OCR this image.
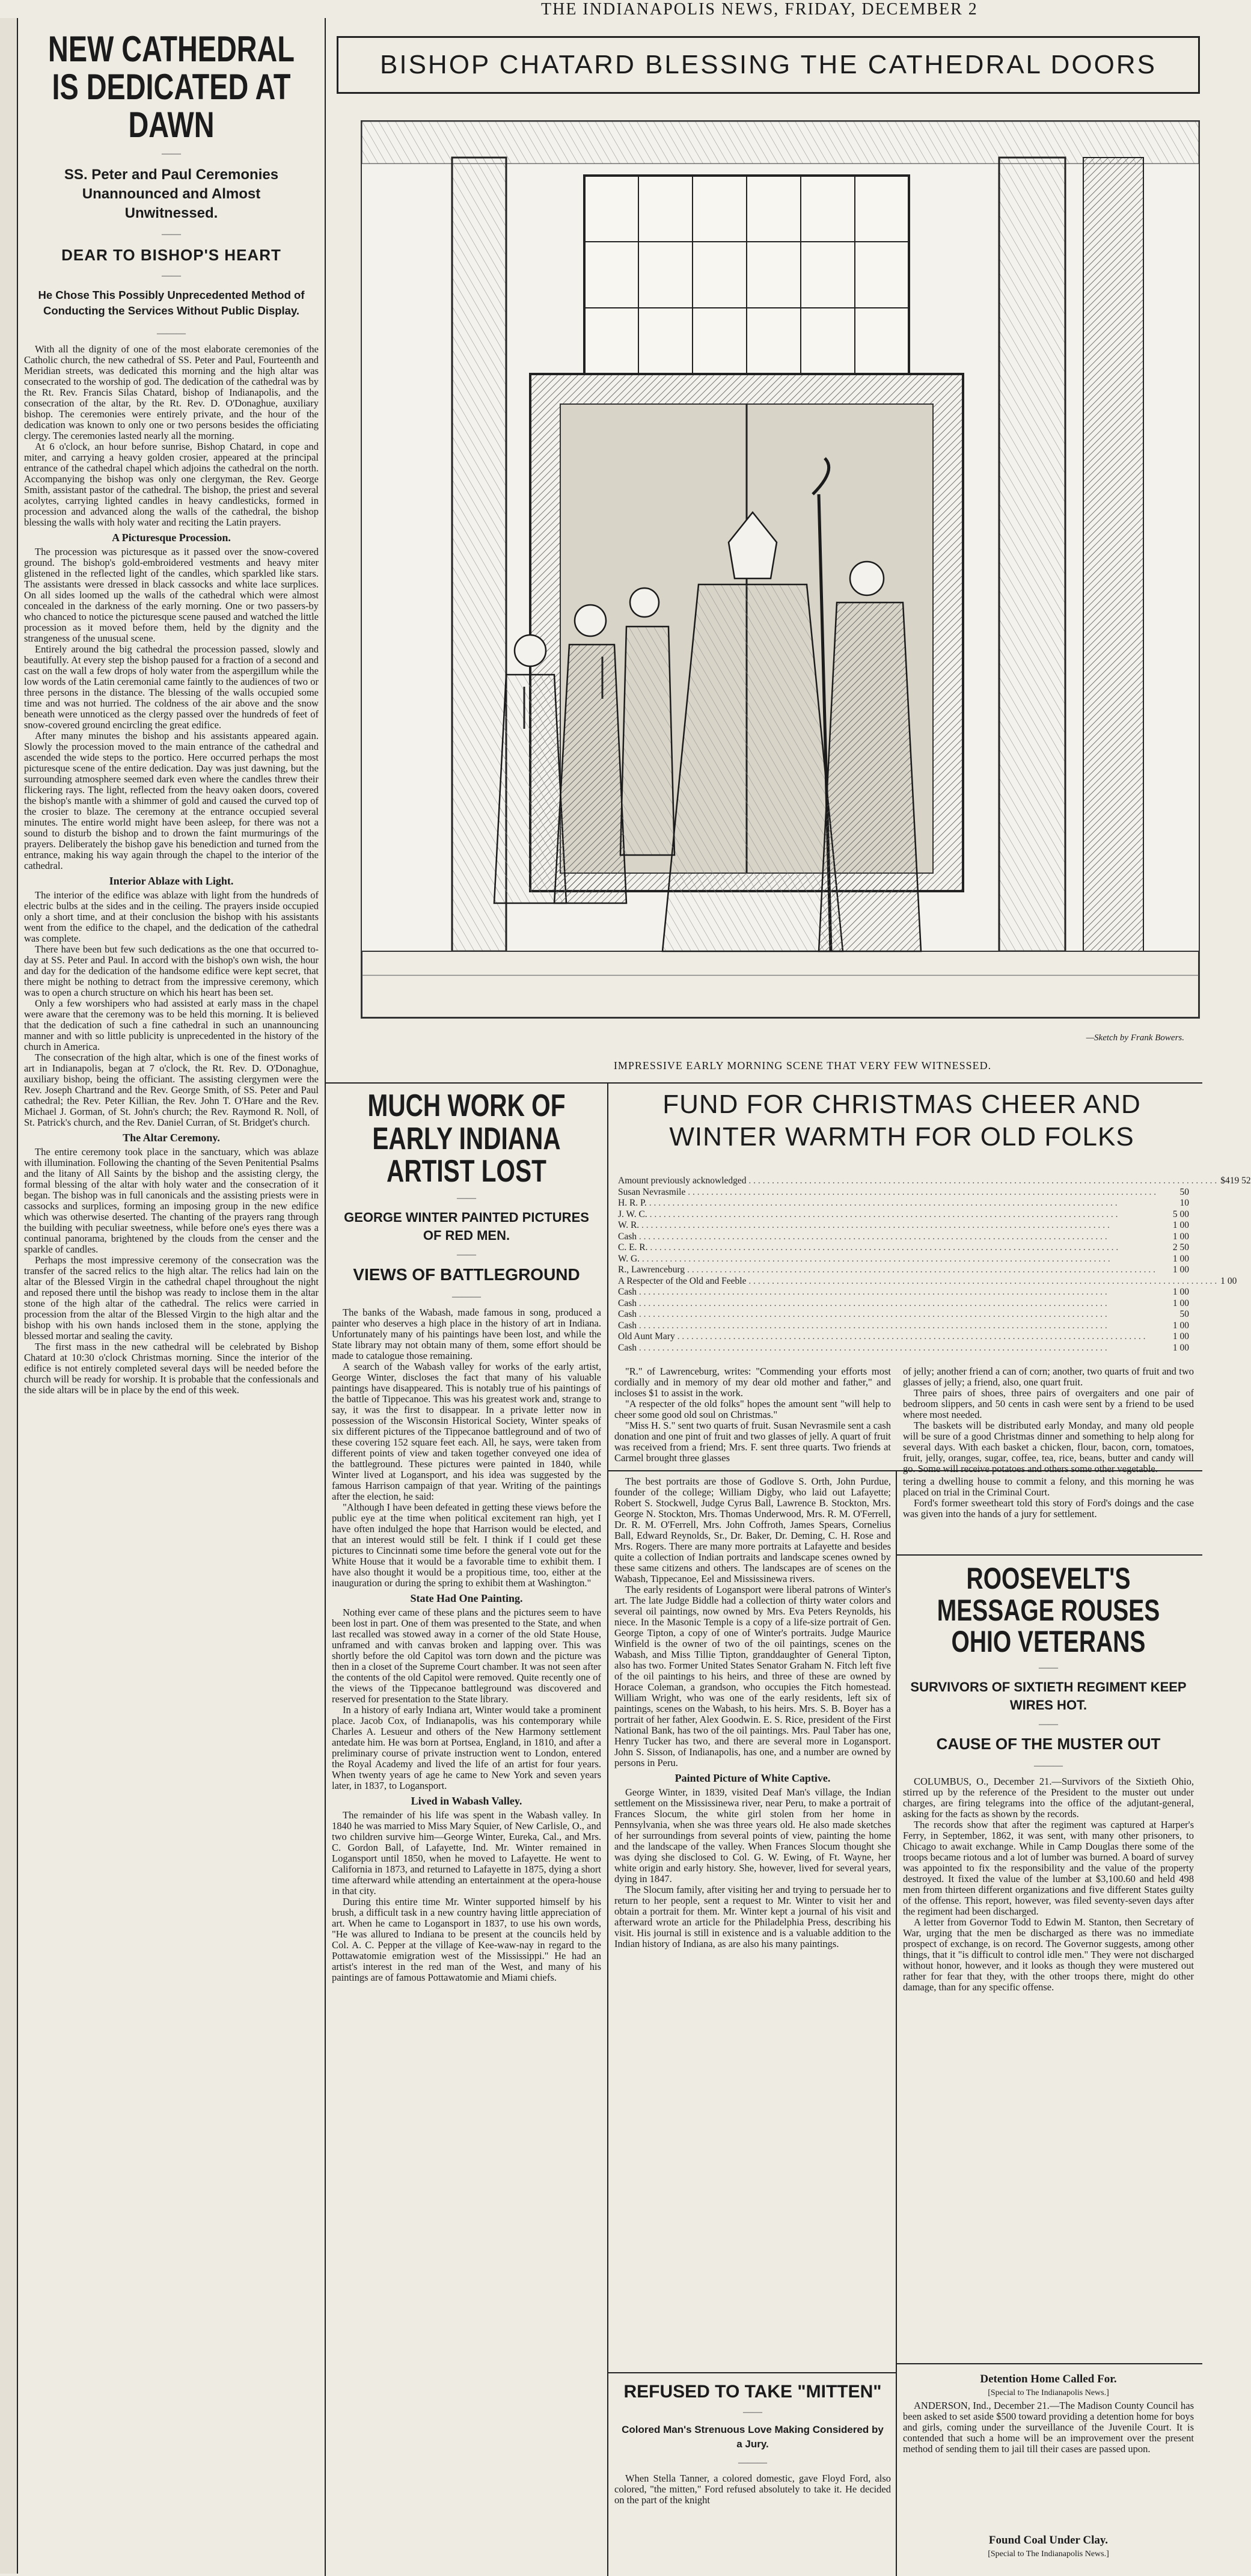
THE INDIANAPOLIS NEWS, FRIDAY, DECEMBER 2
NEW CATHEDRAL IS DEDICATED AT DAWN
——

SS. Peter and Paul Ceremonies Unannounced and Almost Unwitnessed.

——

DEAR TO BISHOP'S HEART

——

He Chose This Possibly Unprecedented Method of Conducting the Services Without Public Display.

———

With all the dignity of one of the most elaborate ceremonies of the Catholic church, the new cathedral of SS. Peter and Paul, Fourteenth and Meridian streets, was dedicated this morning and the high altar was consecrated to the worship of god. The dedication of the cathedral was by the Rt. Rev. Francis Silas Chatard, bishop of Indianapolis, and the consecration of the altar, by the Rt. Rev. D. O'Donaghue, auxiliary bishop. The ceremonies were entirely private, and the hour of the dedication was known to only one or two persons besides the officiating clergy. The ceremonies lasted nearly all the morning.

At 6 o'clock, an hour before sunrise, Bishop Chatard, in cope and miter, and carrying a heavy golden crosier, appeared at the principal entrance of the cathedral chapel which adjoins the cathedral on the north. Accompanying the bishop was only one clergyman, the Rev. George Smith, assistant pastor of the cathedral. The bishop, the priest and several acolytes, carrying lighted candles in heavy candlesticks, formed in procession and advanced along the walls of the cathedral, the bishop blessing the walls with holy water and reciting the Latin prayers.

A Picturesque Procession.

The procession was picturesque as it passed over the snow-covered ground. The bishop's gold-embroidered vestments and heavy miter glistened in the reflected light of the candles, which sparkled like stars. The assistants were dressed in black cassocks and white lace surplices. On all sides loomed up the walls of the cathedral which were almost concealed in the darkness of the early morning. One or two passers-by who chanced to notice the picturesque scene paused and watched the little procession as it moved before them, held by the dignity and the strangeness of the unusual scene.

Entirely around the big cathedral the procession passed, slowly and beautifully. At every step the bishop paused for a fraction of a second and cast on the wall a few drops of holy water from the aspergillum while the low words of the Latin ceremonial came faintly to the audiences of two or three persons in the distance. The blessing of the walls occupied some time and was not hurried. The coldness of the air above and the snow beneath were unnoticed as the clergy passed over the hundreds of feet of snow-covered ground encircling the great edifice.

After many minutes the bishop and his assistants appeared again. Slowly the procession moved to the main entrance of the cathedral and ascended the wide steps to the portico. Here occurred perhaps the most picturesque scene of the entire dedication. Day was just dawning, but the surrounding atmosphere seemed dark even where the candles threw their flickering rays. The light, reflected from the heavy oaken doors, covered the bishop's mantle with a shimmer of gold and caused the curved top of the crosier to blaze. The ceremony at the entrance occupied several minutes. The entire world might have been asleep, for there was not a sound to disturb the bishop and to drown the faint murmurings of the prayers. Deliberately the bishop gave his benediction and turned from the entrance, making his way again through the chapel to the interior of the cathedral.

Interior Ablaze with Light.

The interior of the edifice was ablaze with light from the hundreds of electric bulbs at the sides and in the ceiling. The prayers inside occupied only a short time, and at their conclusion the bishop with his assistants went from the edifice to the chapel, and the dedication of the cathedral was complete.

There have been but few such dedications as the one that occurred to-day at SS. Peter and Paul. In accord with the bishop's own wish, the hour and day for the dedication of the handsome edifice were kept secret, that there might be nothing to detract from the impressive ceremony, which was to open a church structure on which his heart has been set.

Only a few worshipers who had assisted at early mass in the chapel were aware that the ceremony was to be held this morning. It is believed that the dedication of such a fine cathedral in such an unannouncing manner and with so little publicity is unprecedented in the history of the church in America.

The consecration of the high altar, which is one of the finest works of art in Indianapolis, began at 7 o'clock, the Rt. Rev. D. O'Donaghue, auxiliary bishop, being the officiant. The assisting clergymen were the Rev. Joseph Chartrand and the Rev. George Smith, of SS. Peter and Paul cathedral; the Rev. Peter Killian, the Rev. John T. O'Hare and the Rev. Michael J. Gorman, of St. John's church; the Rev. Raymond R. Noll, of St. Patrick's church, and the Rev. Daniel Curran, of St. Bridget's church.

The Altar Ceremony.

The entire ceremony took place in the sanctuary, which was ablaze with illumination. Following the chanting of the Seven Penitential Psalms and the litany of All Saints by the bishop and the assisting clergy, the formal blessing of the altar with holy water and the consecration of it began. The bishop was in full canonicals and the assisting priests were in cassocks and surplices, forming an imposing group in the new edifice which was otherwise deserted. The chanting of the prayers rang through the building with peculiar sweetness, while before one's eyes there was a continual panorama, brightened by the clouds from the censer and the sparkle of candles.

Perhaps the most impressive ceremony of the consecration was the transfer of the sacred relics to the high altar. The relics had lain on the altar of the Blessed Virgin in the cathedral chapel throughout the night and reposed there until the bishop was ready to inclose them in the altar stone of the high altar of the cathedral. The relics were carried in procession from the altar of the Blessed Virgin to the high altar and the bishop with his own hands inclosed them in the stone, applying the blessed mortar and sealing the cavity.

The first mass in the new cathedral will be celebrated by Bishop Chatard at 10:30 o'clock Christmas morning. Since the interior of the edifice is not entirely completed several days will be needed before the church will be ready for worship. It is probable that the confessionals and the side altars will be in place by the end of this week.

BISHOP CHATARD BLESSING THE CATHEDRAL DOORS
—Sketch by Frank Bowers.
IMPRESSIVE EARLY MORNING SCENE THAT VERY FEW WITNESSED.
MUCH WORK OF EARLY INDIANA ARTIST LOST
——

GEORGE WINTER PAINTED PICTURES OF RED MEN.

——

VIEWS OF BATTLEGROUND

———

The banks of the Wabash, made famous in song, produced a painter who deserves a high place in the history of art in Indiana. Unfortunately many of his paintings have been lost, and while the State library may not obtain many of them, some effort should be made to catalogue those remaining.

A search of the Wabash valley for works of the early artist, George Winter, discloses the fact that many of his valuable paintings have disappeared. This is notably true of his paintings of the battle of Tippecanoe. This was his greatest work and, strange to say, it was the first to disappear. In a private letter now in possession of the Wisconsin Historical Society, Winter speaks of six different pictures of the Tippecanoe battleground and of two of these covering 152 square feet each. All, he says, were taken from different points of view and taken together conveyed one idea of the battleground. These pictures were painted in 1840, while Winter lived at Logansport, and his idea was suggested by the famous Harrison campaign of that year. Writing of the paintings after the election, he said:

"Although I have been defeated in getting these views before the public eye at the time when political excitement ran high, yet I have often indulged the hope that Harrison would be elected, and that an interest would still be felt. I think if I could get these pictures to Cincinnati some time before the general vote out for the White House that it would be a favorable time to exhibit them. I have also thought it would be a propitious time, too, either at the inauguration or during the spring to exhibit them at Washington."

State Had One Painting.

Nothing ever came of these plans and the pictures seem to have been lost in part. One of them was presented to the State, and when last recalled was stowed away in a corner of the old State House, unframed and with canvas broken and lapping over. This was shortly before the old Capitol was torn down and the picture was then in a closet of the Supreme Court chamber. It was not seen after the contents of the old Capitol were removed. Quite recently one of the views of the Tippecanoe battleground was discovered and reserved for presentation to the State library.

In a history of early Indiana art, Winter would take a prominent place. Jacob Cox, of Indianapolis, was his contemporary while Charles A. Lesueur and others of the New Harmony settlement antedate him. He was born at Portsea, England, in 1810, and after a preliminary course of private instruction went to London, entered the Royal Academy and lived the life of an artist for four years. When twenty years of age he came to New York and seven years later, in 1837, to Logansport.

Lived in Wabash Valley.

The remainder of his life was spent in the Wabash valley. In 1840 he was married to Miss Mary Squier, of New Carlisle, O., and two children survive him—George Winter, Eureka, Cal., and Mrs. C. Gordon Ball, of Lafayette, Ind. Mr. Winter remained in Logansport until 1850, when he moved to Lafayette. He went to California in 1873, and returned to Lafayette in 1875, dying a short time afterward while attending an entertainment at the opera-house in that city.

During this entire time Mr. Winter supported himself by his brush, a difficult task in a new country having little appreciation of art. When he came to Logansport in 1837, to use his own words, "He was allured to Indiana to be present at the councils held by Col. A. C. Pepper at the village of Kee-waw-nay in regard to the Pottawatomie emigration west of the Mississippi." He had an artist's interest in the red man of the West, and many of his paintings are of famous Pottawatomie and Miami chiefs.

FUND FOR CHRISTMAS CHEER AND WINTER WARMTH FOR OLD FOLKS
Amount previously acknowledged . . .	$419 52
Susan Nevrasmile . . .	50
H. R. P. . . .	10
J. W. C. . . .	5 00
W. R. . . .	1 00
Cash . . .	1 00
C. E. R. . . .	2 50
W. G. . . .	1 00
R., Lawrenceburg . . .	1 00
A Respecter of the Old and Feeble . . .	1 00
Cash . . .	1 00
Cash . . .	1 00
Cash . . .	50
Cash . . .	1 00
Old Aunt Mary . . .	1 00
Cash . . .	1 00

"R." of Lawrenceburg, writes: "Commending your efforts most cordially and in memory of my dear old mother and father," and incloses $1 to assist in the work.

"A respecter of the old folks" hopes the amount sent "will help to cheer some good old soul on Christmas."

"Miss H. S." sent two quarts of fruit. Susan Nevrasmile sent a cash donation and one pint of fruit and two glasses of jelly. A quart of fruit was received from a friend; Mrs. F. sent three quarts. Two friends at Carmel brought three glasses

of jelly; another friend a can of corn; another, two quarts of fruit and two glasses of jelly; a friend, also, one quart fruit.

Three pairs of shoes, three pairs of overgaiters and one pair of bedroom slippers, and 50 cents in cash were sent by a friend to be used where most needed.

The baskets will be distributed early Monday, and many old people will be sure of a good Christmas dinner and something to help along for several days. With each basket a chicken, flour, bacon, corn, tomatoes, fruit, jelly, oranges, sugar, coffee, tea, rice, beans, butter and candy will go. Some will receive potatoes and others some other vegetable.

The best portraits are those of Godlove S. Orth, John Purdue, founder of the college; William Digby, who laid out Lafayette; Robert S. Stockwell, Judge Cyrus Ball, Lawrence B. Stockton, Mrs. George N. Stockton, Mrs. Thomas Underwood, Mrs. R. M. O'Ferrell, Dr. R. M. O'Ferrell, Mrs. John Coffroth, James Spears, Cornelius Ball, Edward Reynolds, Sr., Dr. Baker, Dr. Deming, C. H. Rose and Mrs. Rogers. There are many more portraits at Lafayette and besides quite a collection of Indian portraits and landscape scenes owned by these same citizens and others. The landscapes are of scenes on the Wabash, Tippecanoe, Eel and Mississinewa rivers.

The early residents of Logansport were liberal patrons of Winter's art. The late Judge Biddle had a collection of thirty water colors and several oil paintings, now owned by Mrs. Eva Peters Reynolds, his niece. In the Masonic Temple is a copy of a life-size portrait of Gen. George Tipton, a copy of one of Winter's portraits. Judge Maurice Winfield is the owner of two of the oil paintings, scenes on the Wabash, and Miss Tillie Tipton, granddaughter of General Tipton, also has two. Former United States Senator Graham N. Fitch left five of the oil paintings to his heirs, and three of these are owned by Horace Coleman, a grandson, who occupies the Fitch homestead. William Wright, who was one of the early residents, left six of paintings, scenes on the Wabash, to his heirs. Mrs. S. B. Boyer has a portrait of her father, Alex Goodwin. E. S. Rice, president of the First National Bank, has two of the oil paintings. Mrs. Paul Taber has one, Henry Tucker has two, and there are several more in Logansport. John S. Sisson, of Indianapolis, has one, and a number are owned by persons in Peru.

Painted Picture of White Captive.

George Winter, in 1839, visited Deaf Man's village, the Indian settlement on the Mississinewa river, near Peru, to make a portrait of Frances Slocum, the white girl stolen from her home in Pennsylvania, when she was three years old. He also made sketches of her surroundings from several points of view, painting the home and the landscape of the valley. When Frances Slocum thought she was dying she disclosed to Col. G. W. Ewing, of Ft. Wayne, her white origin and early history. She, however, lived for several years, dying in 1847.

The Slocum family, after visiting her and trying to persuade her to return to her people, sent a request to Mr. Winter to visit her and obtain a portrait for them. Mr. Winter kept a journal of his visit and afterward wrote an article for the Philadelphia Press, describing his visit. His journal is still in existence and is a valuable addition to the Indian history of Indiana, as are also his many paintings.

REFUSED TO TAKE "MITTEN"

——

Colored Man's Strenuous Love Making Considered by a Jury.

———

When Stella Tanner, a colored domestic, gave Floyd Ford, also colored, "the mitten," Ford refused absolutely to take it. He decided on the part of the knight

tering a dwelling house to commit a felony, and this morning he was placed on trial in the Criminal Court.

Ford's former sweetheart told this story of Ford's doings and the case was given into the hands of a jury for settlement.

ROOSEVELT'S MESSAGE ROUSES OHIO VETERANS
——

SURVIVORS OF SIXTIETH REGIMENT KEEP WIRES HOT.

——

CAUSE OF THE MUSTER OUT

———

COLUMBUS, O., December 21.—Survivors of the Sixtieth Ohio, stirred up by the reference of the President to the muster out under charges, are firing telegrams into the office of the adjutant-general, asking for the facts as shown by the records.

The records show that after the regiment was captured at Harper's Ferry, in September, 1862, it was sent, with many other prisoners, to Chicago to await exchange. While in Camp Douglas there some of the troops became riotous and a lot of lumber was burned. A board of survey was appointed to fix the responsibility and the value of the property destroyed. It fixed the value of the lumber at $3,100.60 and held 498 men from thirteen different organizations and five different States guilty of the offense. This report, however, was filed seventy-seven days after the regiment had been discharged.

A letter from Governor Todd to Edwin M. Stanton, then Secretary of War, urging that the men be discharged as there was no immediate prospect of exchange, is on record. The Governor suggests, among other things, that it "is difficult to control idle men." They were not discharged without honor, however, and it looks as though they were mustered out rather for fear that they, with the other troops there, might do other damage, than for any specific offense.

Detention Home Called For.
[Special to The Indianapolis News.]

ANDERSON, Ind., December 21.—The Madison County Council has been asked to set aside $500 toward providing a detention home for boys and girls, coming under the surveillance of the Juvenile Court. It is contended that such a home will be an improvement over the present method of sending them to jail till their cases are passed upon.

Found Coal Under Clay.
[Special to The Indianapolis News.]
